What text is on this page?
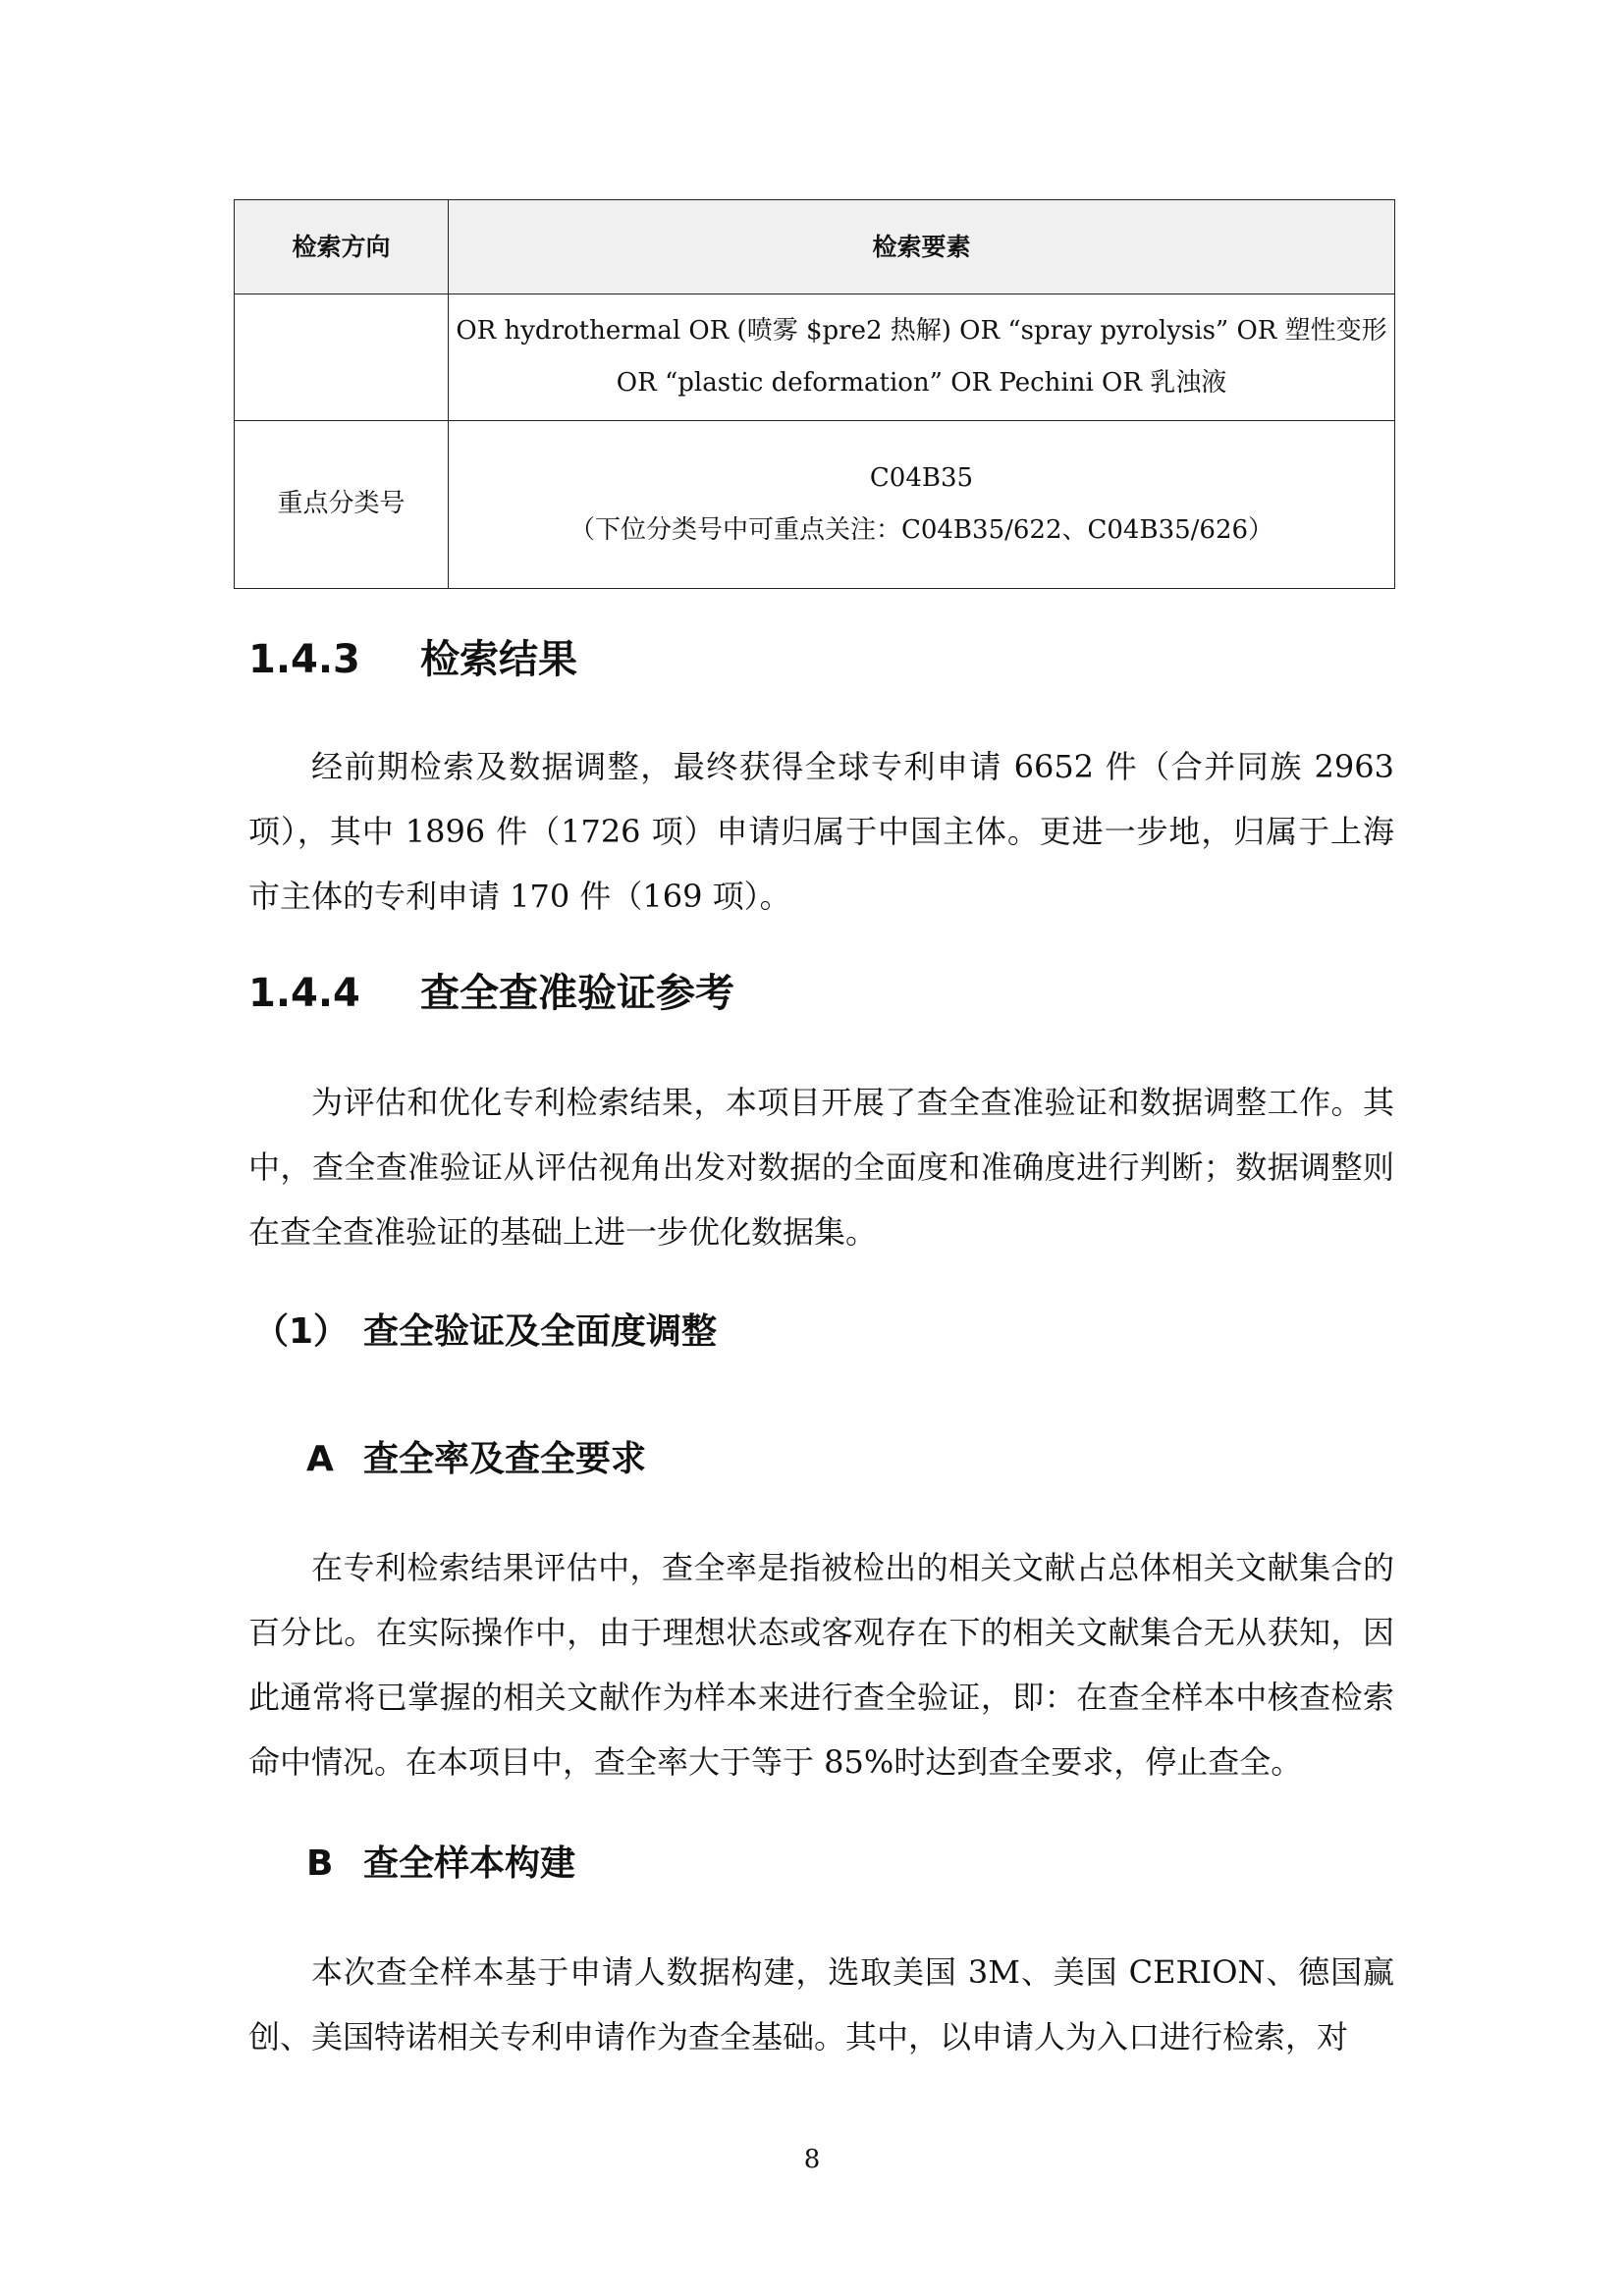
检索方向	检索要素

	OR hydrothermal OR (喷雾 $pre2 热解) OR “spray pyrolysis” OR 塑性变形
OR “plastic deformation” OR Pechini OR 乳浊液

重点分类号	C04B35
（下位分类号中可重点关注：C04B35/622、C04B35/626）
1.4.3 检索结果

经前期检索及数据调整，最终获得全球专利申请 6652 件（合并同族 2963 项），其中 1896 件（1726 项）申请归属于中国主体。更进一步地，归属于上海市主体的专利申请 170 件（169 项）。

1.4.4 查全查准验证参考

为评估和优化专利检索结果，本项目开展了查全查准验证和数据调整工作。其中，查全查准验证从评估视角出发对数据的全面度和准确度进行判断；数据调整则在查全查准验证的基础上进一步优化数据集。

（1） 查全验证及全面度调整
A 查全率及查全要求

在专利检索结果评估中，查全率是指被检出的相关文献占总体相关文献集合的百分比。在实际操作中，由于理想状态或客观存在下的相关文献集合无从获知，因此通常将已掌握的相关文献作为样本来进行查全验证，即：在查全样本中核查检索命中情况。在本项目中，查全率大于等于 85%时达到查全要求，停止查全。

B 查全样本构建

本次查全样本基于申请人数据构建，选取美国 3M、美国 CERION、德国赢创、美国特诺相关专利申请作为查全基础。其中，以申请人为入口进行检索，对

8
